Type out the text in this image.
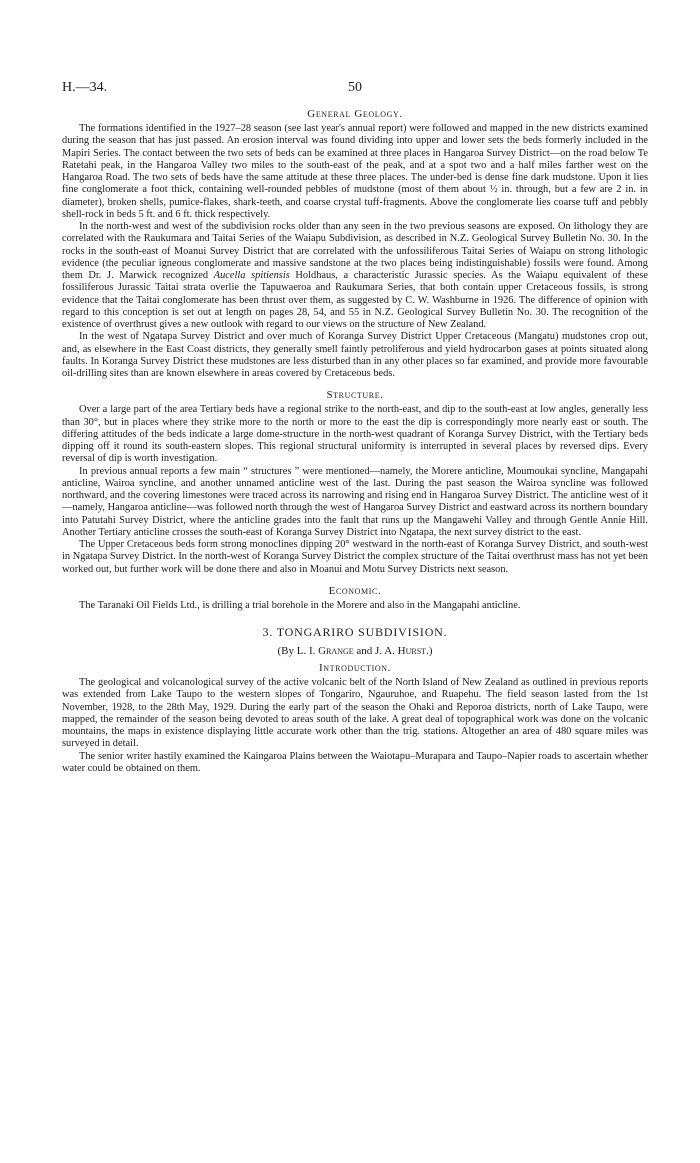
H.—34.	50
General Geology.

The formations identified in the 1927–28 season (see last year's annual report) were followed and mapped in the new districts examined during the season that has just passed. An erosion interval was found dividing into upper and lower sets the beds formerly included in the Mapiri Series. The contact between the two sets of beds can be examined at three places in Hangaroa Survey District—on the road below Te Ratetahi peak, in the Hangaroa Valley two miles to the south-east of the peak, and at a spot two and a half miles farther west on the Hangaroa Road. The two sets of beds have the same attitude at these three places. The under-bed is dense fine dark mudstone. Upon it lies fine conglomerate a foot thick, containing well-rounded pebbles of mudstone (most of them about ½ in. through, but a few are 2 in. in diameter), broken shells, pumice-flakes, shark-teeth, and coarse crystal tuff-fragments. Above the conglomerate lies coarse tuff and pebbly shell-rock in beds 5 ft. and 6 ft. thick respectively.

In the north-west and west of the subdivision rocks older than any seen in the two previous seasons are exposed. On lithology they are correlated with the Raukumara and Taitai Series of the Waiapu Subdivision, as described in N.Z. Geological Survey Bulletin No. 30. In the rocks in the south-east of Moanui Survey District that are correlated with the unfossiliferous Taitai Series of Waiapu on strong lithologic evidence (the peculiar igneous conglomerate and massive sandstone at the two places being indistinguishable) fossils were found. Among them Dr. J. Marwick recognized Aucella spitiensis Holdhaus, a characteristic Jurassic species. As the Waiapu equivalent of these fossiliferous Jurassic Taitai strata overlie the Tapuwaeroa and Raukumara Series, that both contain upper Cretaceous fossils, is strong evidence that the Taitai conglomerate has been thrust over them, as suggested by C. W. Washburne in 1926. The difference of opinion with regard to this conception is set out at length on pages 28, 54, and 55 in N.Z. Geological Survey Bulletin No. 30. The recognition of the existence of overthrust gives a new outlook with regard to our views on the structure of New Zealand.

In the west of Ngatapa Survey District and over much of Koranga Survey District Upper Cretaceous (Mangatu) mudstones crop out, and, as elsewhere in the East Coast districts, they generally smell faintly petroliferous and yield hydrocarbon gases at points situated along faults. In Koranga Survey District these mudstones are less disturbed than in any other places so far examined, and provide more favourable oil-drilling sites than are known elsewhere in areas covered by Cretaceous beds.

Structure.

Over a large part of the area Tertiary beds have a regional strike to the north-east, and dip to the south-east at low angles, generally less than 30°, but in places where they strike more to the north or more to the east the dip is correspondingly more nearly east or south. The differing attitudes of the beds indicate a large dome-structure in the north-west quadrant of Koranga Survey District, with the Tertiary beds dipping off it round its south-eastern slopes. This regional structural uniformity is interrupted in several places by reversed dips. Every reversal of dip is worth investigation.

In previous annual reports a few main “ structures ” were mentioned—namely, the Morere anticline, Moumoukai syncline, Mangapahi anticline, Wairoa syncline, and another unnamed anticline west of the last. During the past season the Wairoa syncline was followed northward, and the covering limestones were traced across its narrowing and rising end in Hangaroa Survey District. The anticline west of it—namely, Hangaroa anticline—was followed north through the west of Hangaroa Survey District and eastward across its northern boundary into Patutahi Survey District, where the anticline grades into the fault that runs up the Mangawehi Valley and through Gentle Annie Hill. Another Tertiary anticline crosses the south-east of Koranga Survey District into Ngatapa, the next survey district to the east.

The Upper Cretaceous beds form strong monoclines dipping 20° westward in the north-east of Koranga Survey District, and south-west in Ngatapa Survey District. In the north-west of Koranga Survey District the complex structure of the Taitai overthrust mass has not yet been worked out, but further work will be done there and also in Moanui and Motu Survey Districts next season.

Economic.

The Taranaki Oil Fields Ltd., is drilling a trial borehole in the Morere and also in the Mangapahi anticline.

3. TONGARIRO SUBDIVISION.
(By L. I. Grange and J. A. Hurst.)
Introduction.

The geological and volcanological survey of the active volcanic belt of the North Island of New Zealand as outlined in previous reports was extended from Lake Taupo to the western slopes of Tongariro, Ngauruhoe, and Ruapehu. The field season lasted from the 1st November, 1928, to the 28th May, 1929. During the early part of the season the Ohaki and Reporoa districts, north of Lake Taupo, were mapped, the remainder of the season being devoted to areas south of the lake. A great deal of topographical work was done on the volcanic mountains, the maps in existence displaying little accurate work other than the trig. stations. Altogether an area of 480 square miles was surveyed in detail.

The senior writer hastily examined the Kaingaroa Plains between the Waiotapu–Murapara and Taupo–Napier roads to ascertain whether water could be obtained on them.
